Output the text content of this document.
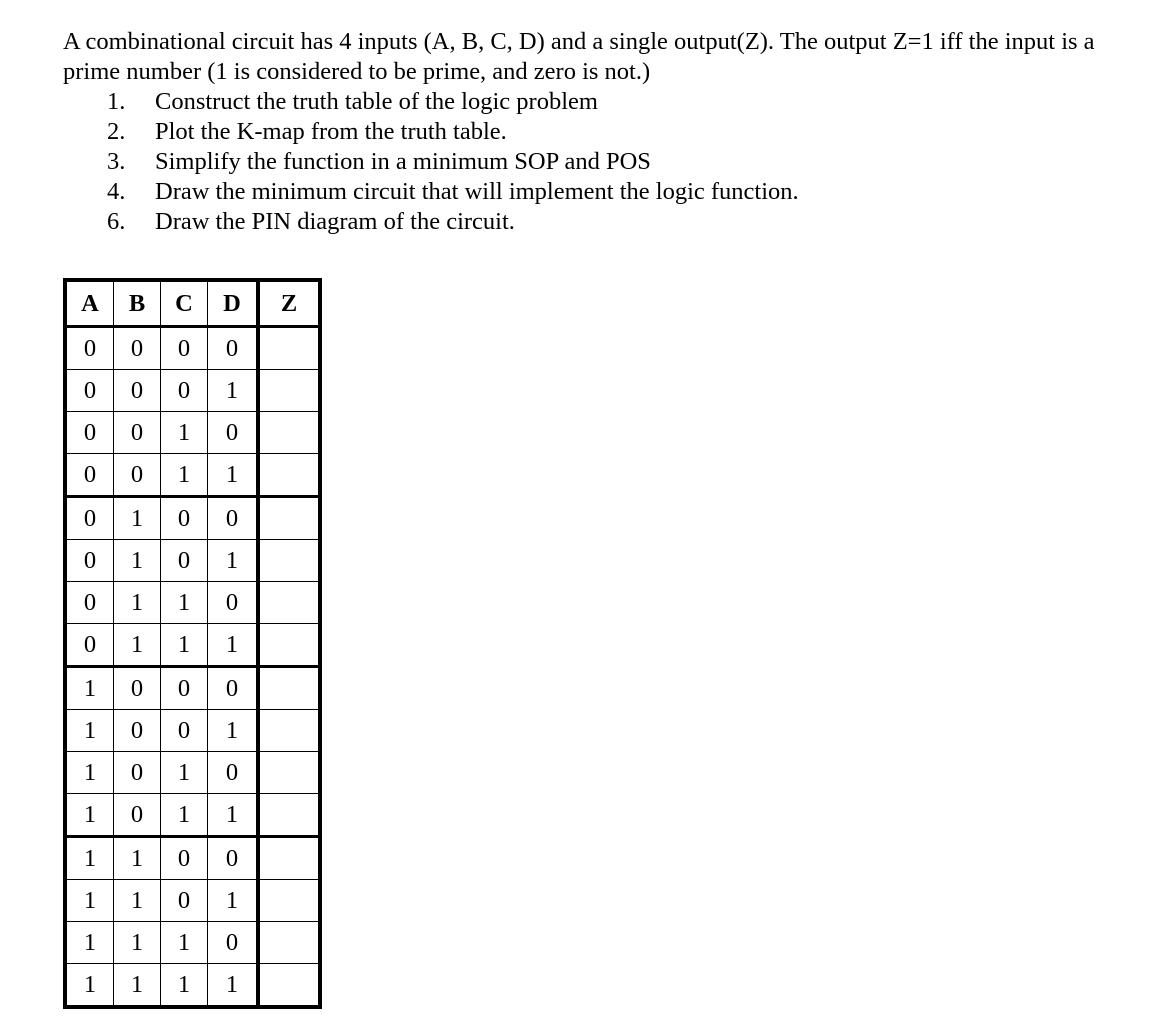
A combinational circuit has 4 inputs (A, B, C, D) and a single output(Z). The output Z=1 iff the input is a prime number (1 is considered to be prime, and zero is not.)

1. Construct the truth table of the logic problem
2. Plot the K-map from the truth table.
3. Simplify the function in a minimum SOP and POS
4. Draw the minimum circuit that will implement the logic function.
6. Draw the PIN diagram of the circuit.
A	B	C	D	Z
0	0	0	0	
0	0	0	1	
0	0	1	0	
0	0	1	1	
0	1	0	0	
0	1	0	1	
0	1	1	0	
0	1	1	1	
1	0	0	0	
1	0	0	1	
1	0	1	0	
1	0	1	1	
1	1	0	0	
1	1	0	1	
1	1	1	0	
1	1	1	1	
